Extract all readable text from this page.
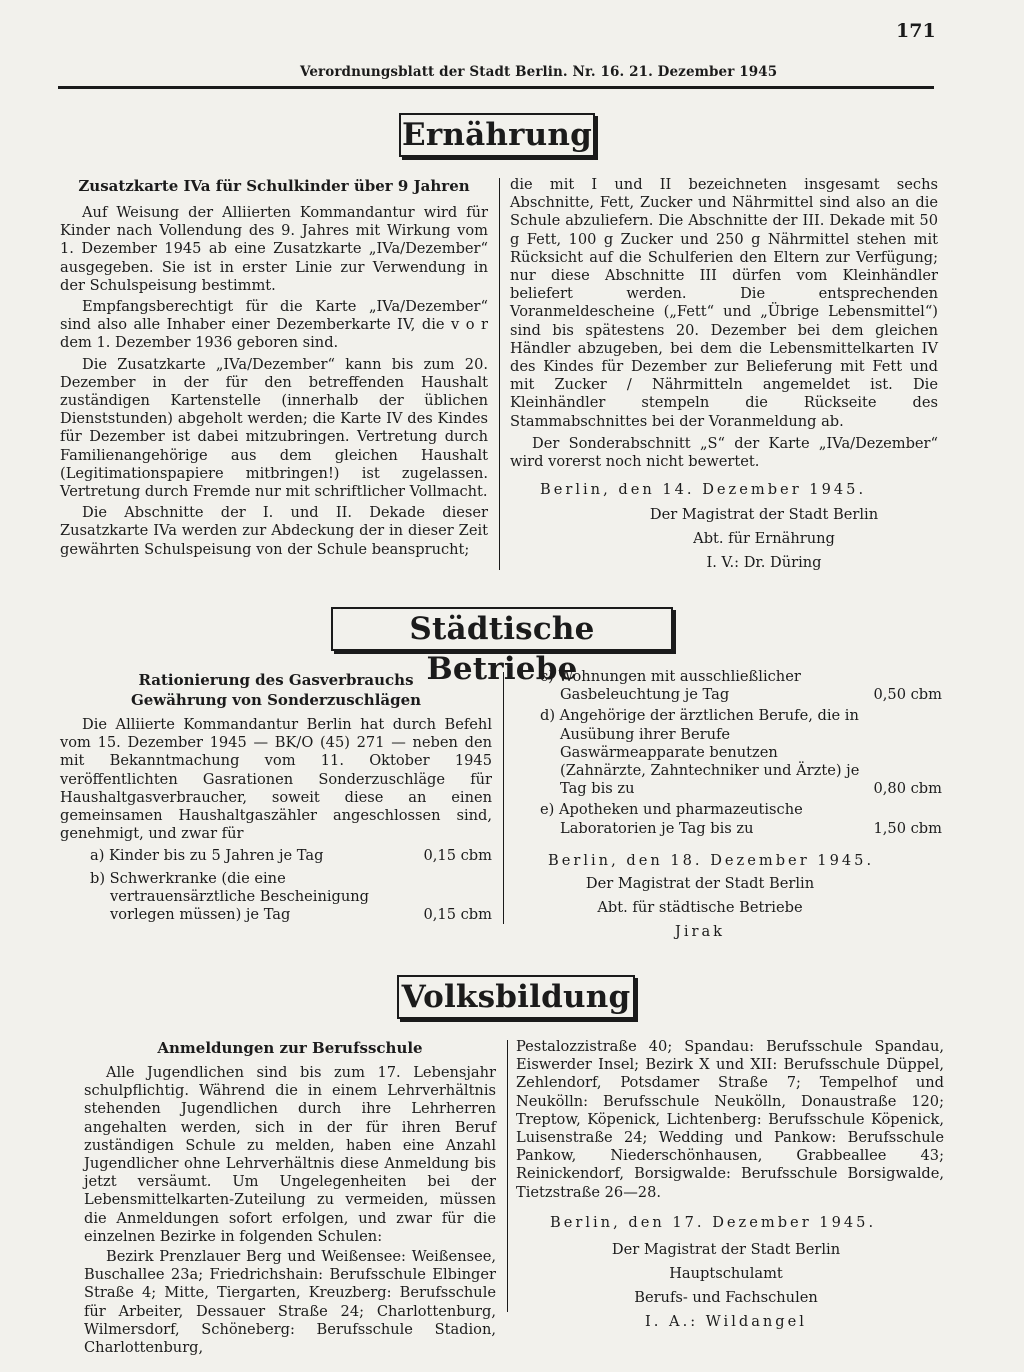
171
Verordnungsblatt der Stadt Berlin. Nr. 16. 21. Dezember 1945
Ernährung

Zusatzkarte IVa für Schulkinder über 9 Jahren

Auf Weisung der Alliierten Kommandantur wird für Kinder nach Vollendung des 9. Jahres mit Wirkung vom 1. Dezember 1945 ab eine Zusatzkarte „IVa/Dezember“ ausgegeben. Sie ist in erster Linie zur Verwendung in der Schulspeisung bestimmt.

Empfangsberechtigt für die Karte „IVa/Dezember“ sind also alle Inhaber einer Dezemberkarte IV, die v o r dem 1. Dezember 1936 geboren sind.

Die Zusatzkarte „IVa/Dezember“ kann bis zum 20. Dezember in der für den betreffenden Haushalt zuständigen Kartenstelle (innerhalb der üblichen Dienststunden) abgeholt werden; die Karte IV des Kindes für Dezember ist dabei mitzubringen. Vertretung durch Familienangehörige aus dem gleichen Haushalt (Legitimationspapiere mitbringen!) ist zugelassen. Vertretung durch Fremde nur mit schriftlicher Vollmacht.

Die Abschnitte der I. und II. Dekade dieser Zusatzkarte IVa werden zur Abdeckung der in dieser Zeit gewährten Schulspeisung von der Schule beansprucht;

die mit I und II bezeichneten insgesamt sechs Abschnitte, Fett, Zucker und Nährmittel sind also an die Schule abzuliefern. Die Abschnitte der III. Dekade mit 50 g Fett, 100 g Zucker und 250 g Nährmittel stehen mit Rücksicht auf die Schulferien den Eltern zur Verfügung; nur diese Abschnitte III dürfen vom Kleinhändler beliefert werden. Die entsprechenden Voranmeldescheine („Fett“ und „Übrige Lebensmittel“) sind bis spätestens 20. Dezember bei dem gleichen Händler abzugeben, bei dem die Lebensmittelkarten IV des Kindes für Dezember zur Belieferung mit Fett und mit Zucker / Nährmitteln angemeldet ist. Die Kleinhändler stempeln die Rückseite des Stammabschnittes bei der Voranmeldung ab.

Der Sonderabschnitt „S“ der Karte „IVa/Dezember“ wird vorerst noch nicht bewertet.

Berlin, den 14. Dezember 1945.

Der Magistrat der Stadt Berlin
Abt. für Ernährung
I. V.: Dr. Düring
Städtische Betriebe

Rationierung des Gasverbrauchs

Gewährung von Sonderzuschlägen

Die Alliierte Kommandantur Berlin hat durch Befehl vom 15. Dezember 1945 — BK/O (45) 271 — neben den mit Bekanntmachung vom 11. Oktober 1945 veröffentlichten Gasrationen Sonderzuschläge für Haushaltgasverbraucher, soweit diese an einen gemeinsamen Haushaltgaszähler angeschlossen sind, genehmigt, und zwar für

a) Kinder bis zu 5 Jahren je Tag	0,15 cbm
b) Schwerkranke (die eine vertrauensärztliche Bescheinigung vorlegen müssen) je Tag	0,15 cbm
c) Wohnungen mit ausschließlicher Gasbeleuchtung je Tag	0,50 cbm
d) Angehörige der ärztlichen Berufe, die in Ausübung ihrer Berufe Gaswärmeapparate benutzen (Zahnärzte, Zahntechniker und Ärzte) je Tag bis zu	0,80 cbm
e) Apotheken und pharmazeutische Laboratorien je Tag bis zu	1,50 cbm

Berlin, den 18. Dezember 1945.

Der Magistrat der Stadt Berlin
Abt. für städtische Betriebe
Jirak
Volksbildung

Anmeldungen zur Berufsschule

Alle Jugendlichen sind bis zum 17. Lebensjahr schulpflichtig. Während die in einem Lehrverhältnis stehenden Jugendlichen durch ihre Lehrherren angehalten werden, sich in der für ihren Beruf zuständigen Schule zu melden, haben eine Anzahl Jugendlicher ohne Lehrverhältnis diese Anmeldung bis jetzt versäumt. Um Ungelegenheiten bei der Lebensmittelkarten-Zuteilung zu vermeiden, müssen die Anmeldungen sofort erfolgen, und zwar für die einzelnen Bezirke in folgenden Schulen:

Bezirk Prenzlauer Berg und Weißensee: Weißensee, Buschallee 23a; Friedrichshain: Berufsschule Elbinger Straße 4; Mitte, Tiergarten, Kreuzberg: Berufsschule für Arbeiter, Dessauer Straße 24; Charlottenburg, Wilmersdorf, Schöneberg: Berufsschule Stadion, Charlottenburg,

Pestalozzistraße 40; Spandau: Berufsschule Spandau, Eiswerder Insel; Bezirk X und XII: Berufsschule Düppel, Zehlendorf, Potsdamer Straße 7; Tempelhof und Neukölln: Berufsschule Neukölln, Donaustraße 120; Treptow, Köpenick, Lichtenberg: Berufsschule Köpenick, Luisenstraße 24; Wedding und Pankow: Berufsschule Pankow, Niederschönhausen, Grabbeallee 43; Reinickendorf, Borsigwalde: Berufsschule Borsigwalde, Tietzstraße 26—28.

Berlin, den 17. Dezember 1945.

Der Magistrat der Stadt Berlin
Hauptschulamt
Berufs- und Fachschulen
I. A.: Wildangel
